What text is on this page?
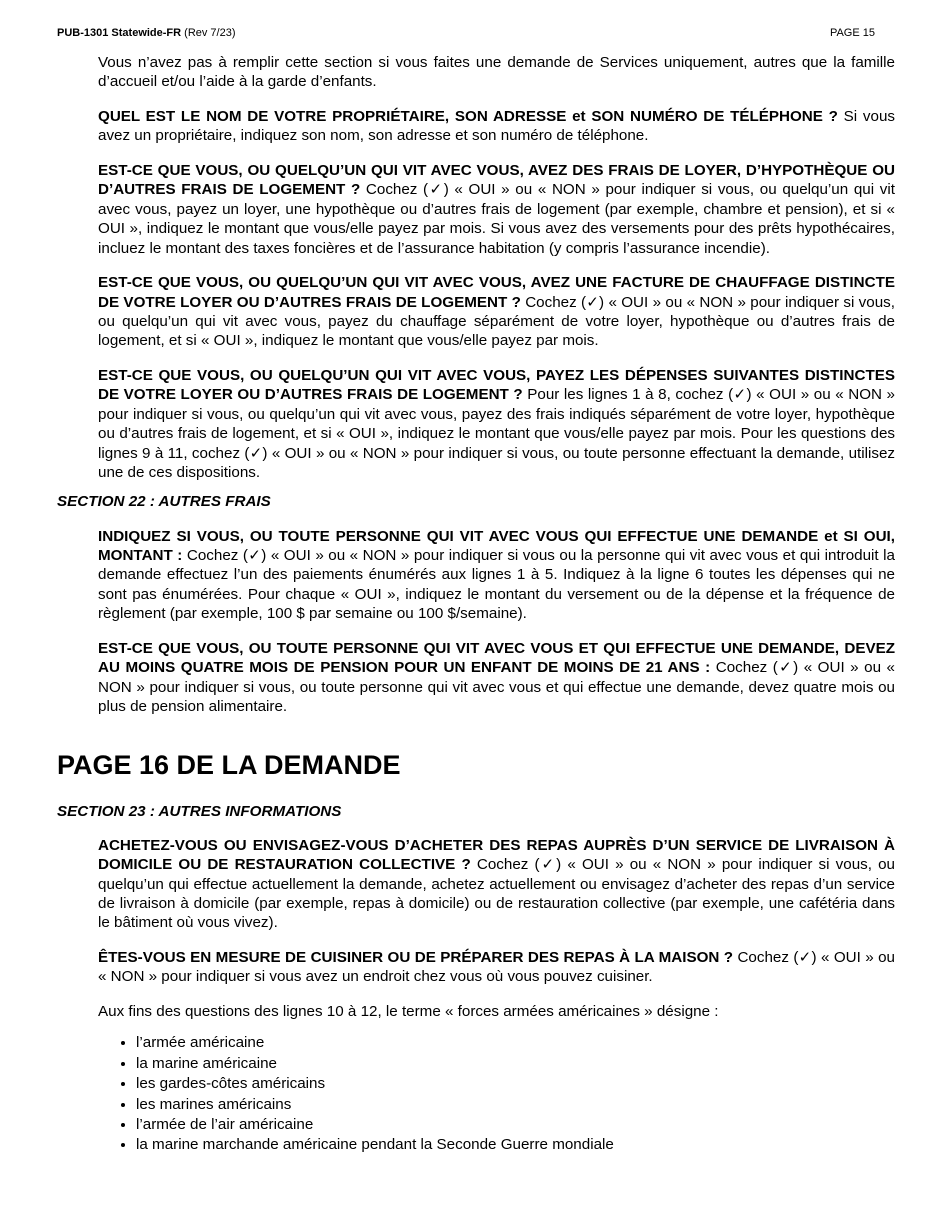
PUB-1301 Statewide-FR (Rev 7/23)	PAGE 15

Vous n’avez pas à remplir cette section si vous faites une demande de Services uniquement, autres que la famille d’accueil et/ou l’aide à la garde d’enfants.

QUEL EST LE NOM DE VOTRE PROPRIÉTAIRE, SON ADRESSE et SON NUMÉRO DE TÉLÉPHONE ? Si vous avez un propriétaire, indiquez son nom, son adresse et son numéro de téléphone.

EST-CE QUE VOUS, OU QUELQU’UN QUI VIT AVEC VOUS, AVEZ DES FRAIS DE LOYER, D’HYPOTHÈQUE OU D’AUTRES FRAIS DE LOGEMENT ? Cochez (✓) « OUI » ou « NON » pour indiquer si vous, ou quelqu’un qui vit avec vous, payez un loyer, une hypothèque ou d’autres frais de logement (par exemple, chambre et pension), et si « OUI », indiquez le montant que vous/elle payez par mois. Si vous avez des versements pour des prêts hypothécaires, incluez le montant des taxes foncières et de l’assurance habitation (y compris l’assurance incendie).

EST-CE QUE VOUS, OU QUELQU’UN QUI VIT AVEC VOUS, AVEZ UNE FACTURE DE CHAUFFAGE DISTINCTE DE VOTRE LOYER OU D’AUTRES FRAIS DE LOGEMENT ? Cochez (✓) « OUI » ou « NON » pour indiquer si vous, ou quelqu’un qui vit avec vous, payez du chauffage séparément de votre loyer, hypothèque ou d’autres frais de logement, et si « OUI », indiquez le montant que vous/elle payez par mois.

EST-CE QUE VOUS, OU QUELQU’UN QUI VIT AVEC VOUS, PAYEZ LES DÉPENSES SUIVANTES DISTINCTES DE VOTRE LOYER OU D’AUTRES FRAIS DE LOGEMENT ? Pour les lignes 1 à 8, cochez (✓) « OUI » ou « NON » pour indiquer si vous, ou quelqu’un qui vit avec vous, payez des frais indiqués séparément de votre loyer, hypothèque ou d’autres frais de logement, et si « OUI », indiquez le montant que vous/elle payez par mois. Pour les questions des lignes 9 à 11, cochez (✓) « OUI » ou « NON » pour indiquer si vous, ou toute personne effectuant la demande, utilisez une de ces dispositions.

SECTION 22 : AUTRES FRAIS

INDIQUEZ SI VOUS, OU TOUTE PERSONNE QUI VIT AVEC VOUS QUI EFFECTUE UNE DEMANDE et SI OUI, MONTANT : Cochez (✓) « OUI » ou « NON » pour indiquer si vous ou la personne qui vit avec vous et qui introduit la demande effectuez l’un des paiements énumérés aux lignes 1 à 5. Indiquez à la ligne 6 toutes les dépenses qui ne sont pas énumérées. Pour chaque « OUI », indiquez le montant du versement ou de la dépense et la fréquence de règlement (par exemple, 100 $ par semaine ou 100 $/semaine).

EST-CE QUE VOUS, OU TOUTE PERSONNE QUI VIT AVEC VOUS ET QUI EFFECTUE UNE DEMANDE, DEVEZ AU MOINS QUATRE MOIS DE PENSION POUR UN ENFANT DE MOINS DE 21 ANS : Cochez (✓) « OUI » ou « NON » pour indiquer si vous, ou toute personne qui vit avec vous et qui effectue une demande, devez quatre mois ou plus de pension alimentaire.

PAGE 16 DE LA DEMANDE
SECTION 23 : AUTRES INFORMATIONS

ACHETEZ-VOUS OU ENVISAGEZ-VOUS D’ACHETER DES REPAS AUPRÈS D’UN SERVICE DE LIVRAISON À DOMICILE OU DE RESTAURATION COLLECTIVE ? Cochez (✓) « OUI » ou « NON » pour indiquer si vous, ou quelqu’un qui effectue actuellement la demande, achetez actuellement ou envisagez d’acheter des repas d’un service de livraison à domicile (par exemple, repas à domicile) ou de restauration collective (par exemple, une cafétéria dans le bâtiment où vous vivez).

ÊTES-VOUS EN MESURE DE CUISINER OU DE PRÉPARER DES REPAS À LA MAISON ? Cochez (✓) « OUI » ou « NON » pour indiquer si vous avez un endroit chez vous où vous pouvez cuisiner.

Aux fins des questions des lignes 10 à 12, le terme « forces armées américaines » désigne :

• l’armée américaine
• la marine américaine
• les gardes-côtes américains
• les marines américains
• l’armée de l’air américaine
• la marine marchande américaine pendant la Seconde Guerre mondiale
